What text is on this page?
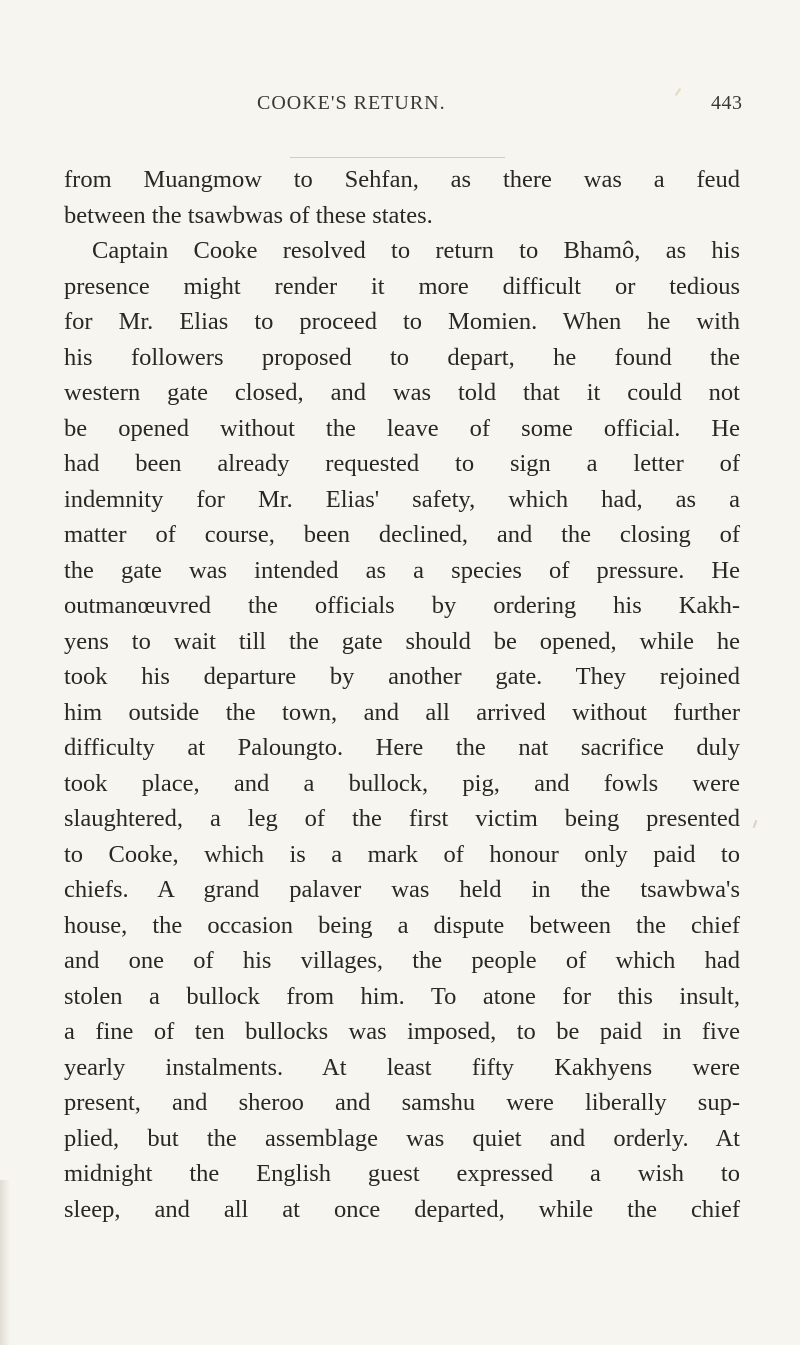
COOKE'S RETURN.	443
from Muangmow to Sehfan, as there was a feud
between the tsawbwas of these states.
Captain Cooke resolved to return to Bhamô, as his
presence might render it more difficult or tedious
for Mr. Elias to proceed to Momien. When he with
his followers proposed to depart, he found the
western gate closed, and was told that it could not
be opened without the leave of some official. He
had been already requested to sign a letter of
indemnity for Mr. Elias' safety, which had, as a
matter of course, been declined, and the closing of
the gate was intended as a species of pressure. He
outmanœuvred the officials by ordering his Kakh-
yens to wait till the gate should be opened, while he
took his departure by another gate. They rejoined
him outside the town, and all arrived without further
difficulty at Paloungto. Here the nat sacrifice duly
took place, and a bullock, pig, and fowls were
slaughtered, a leg of the first victim being presented
to Cooke, which is a mark of honour only paid to
chiefs. A grand palaver was held in the tsawbwa's
house, the occasion being a dispute between the chief
and one of his villages, the people of which had
stolen a bullock from him. To atone for this insult,
a fine of ten bullocks was imposed, to be paid in five
yearly instalments. At least fifty Kakhyens were
present, and sheroo and samshu were liberally sup-
plied, but the assemblage was quiet and orderly. At
midnight the English guest expressed a wish to
sleep, and all at once departed, while the chief
